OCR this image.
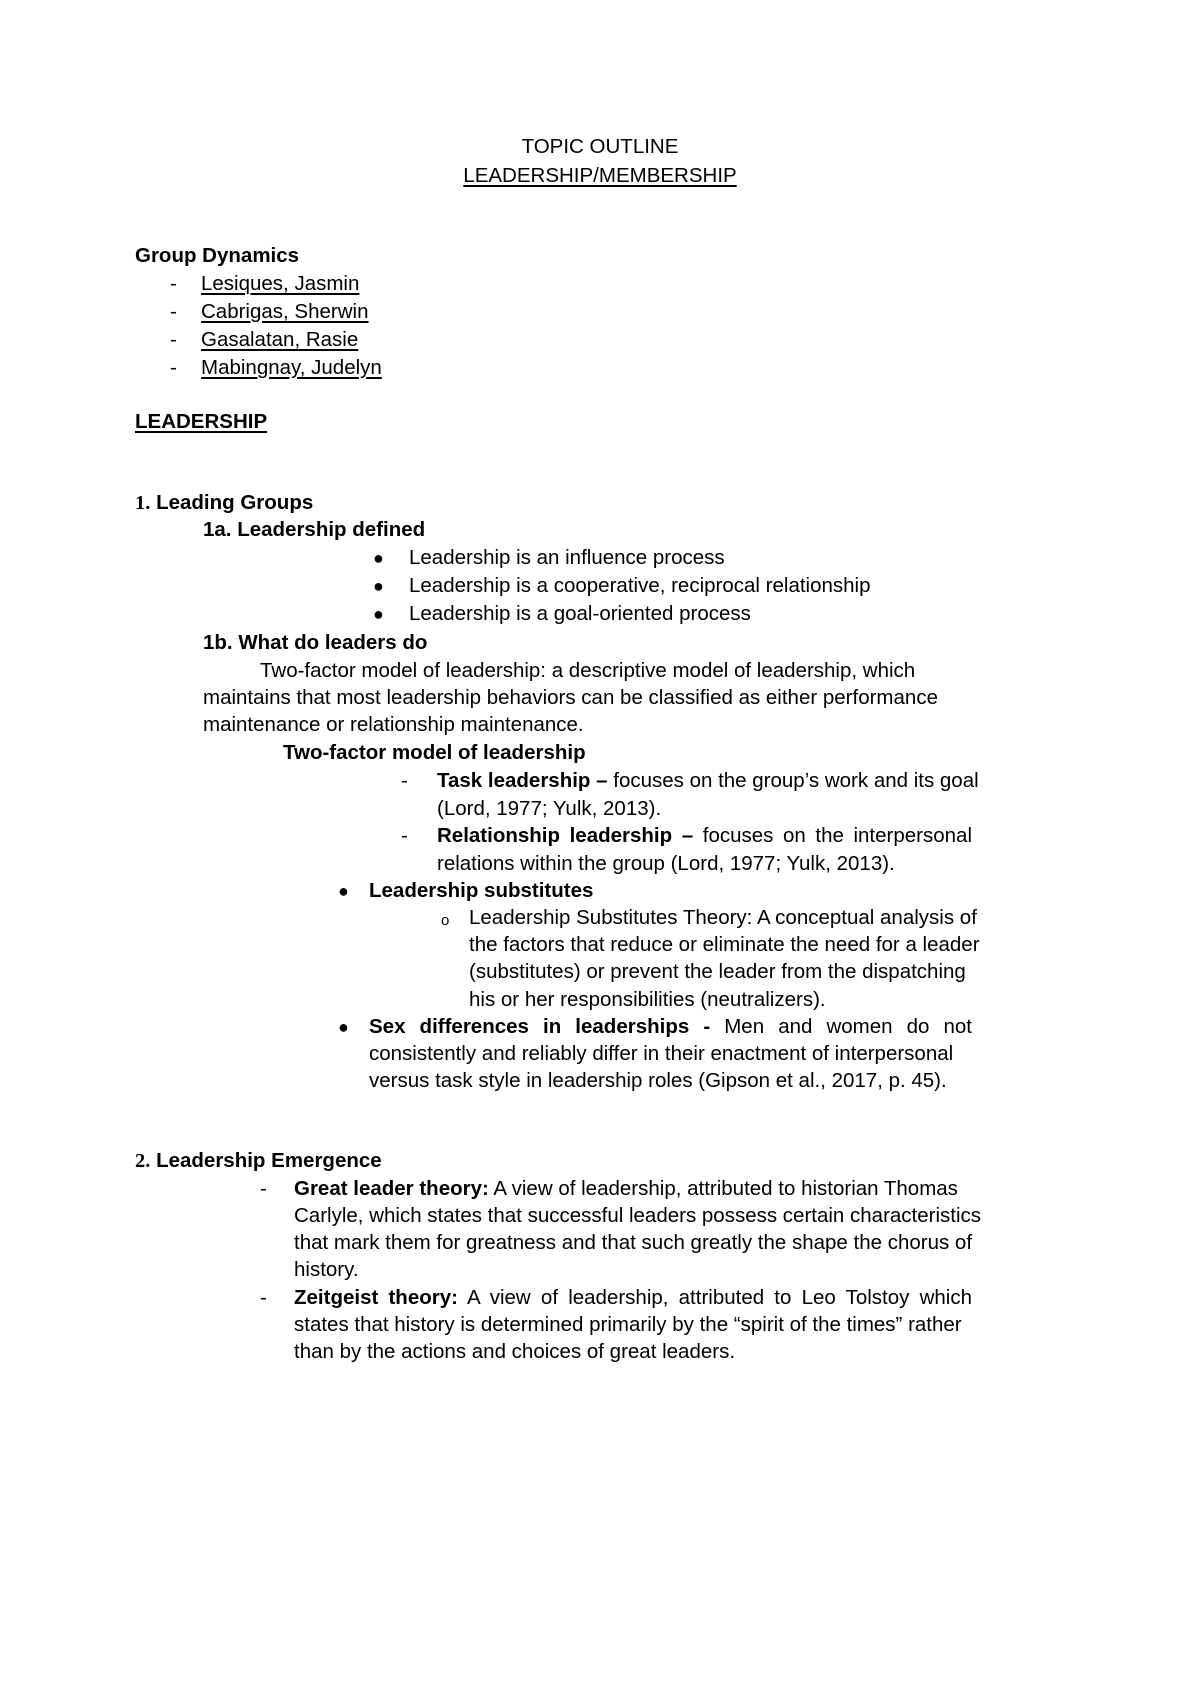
TOPIC OUTLINE
LEADERSHIP/MEMBERSHIP
Group Dynamics
- Lesiques, Jasmin
- Cabrigas, Sherwin
- Gasalatan, Rasie
- Mabingnay, Judelyn
LEADERSHIP
1. Leading Groups
1a. Leadership defined
● Leadership is an influence process
● Leadership is a cooperative, reciprocal relationship
● Leadership is a goal-oriented process
1b. What do leaders do
Two-factor model of leadership: a descriptive model of leadership, which
maintains that most leadership behaviors can be classified as either performance
maintenance or relationship maintenance.
Two-factor model of leadership
- Task leadership – focuses on the group’s work and its goal
(Lord, 1977; Yulk, 2013).
- Relationship leadership – focuses on the interpersonal
relations within the group (Lord, 1977; Yulk, 2013).
● Leadership substitutes
o Leadership Substitutes Theory: A conceptual analysis of
the factors that reduce or eliminate the need for a leader
(substitutes) or prevent the leader from the dispatching
his or her responsibilities (neutralizers).
● Sex differences in leaderships - Men and women do not
consistently and reliably differ in their enactment of interpersonal
versus task style in leadership roles (Gipson et al., 2017, p. 45).
2. Leadership Emergence
- Great leader theory: A view of leadership, attributed to historian Thomas
Carlyle, which states that successful leaders possess certain characteristics
that mark them for greatness and that such greatly the shape the chorus of
history.
- Zeitgeist theory: A view of leadership, attributed to Leo Tolstoy which
states that history is determined primarily by the “spirit of the times” rather
than by the actions and choices of great leaders.
